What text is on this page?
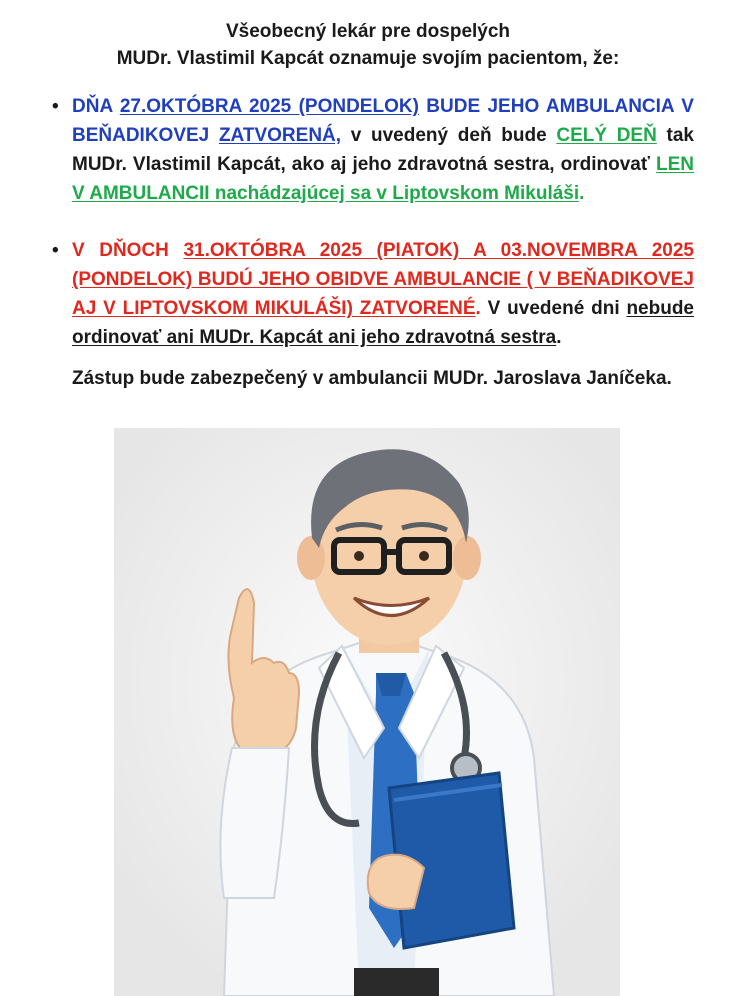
Všeobecný lekár pre dospelých
MUDr. Vlastimil Kapcát oznamuje svojím pacientom, že:
• DŇA 27.OKTÓBRA 2025 (PONDELOK) BUDE JEHO AMBULANCIA V BEŇADIKOVEJ ZATVORENÁ, v uvedený deň bude CELÝ DEŇ tak MUDr. Vlastimil Kapcát, ako aj jeho zdravotná sestra, ordinovať LEN V AMBULANCII nachádzajúcej sa v Liptovskom Mikuláši.
• V DŇOCH 31.OKTÓBRA 2025 (PIATOK) A 03.NOVEMBRA 2025 (PONDELOK) BUDÚ JEHO OBIDVE AMBULANCIE ( V BEŇADIKOVEJ AJ V LIPTOVSKOM MIKULÁŠI) ZATVORENÉ. V uvedené dni nebude ordinovať ani MUDr. Kapcát ani jeho zdravotná sestra.
Zástup bude zabezpečený v ambulancii MUDr. Jaroslava Janíčeka.
